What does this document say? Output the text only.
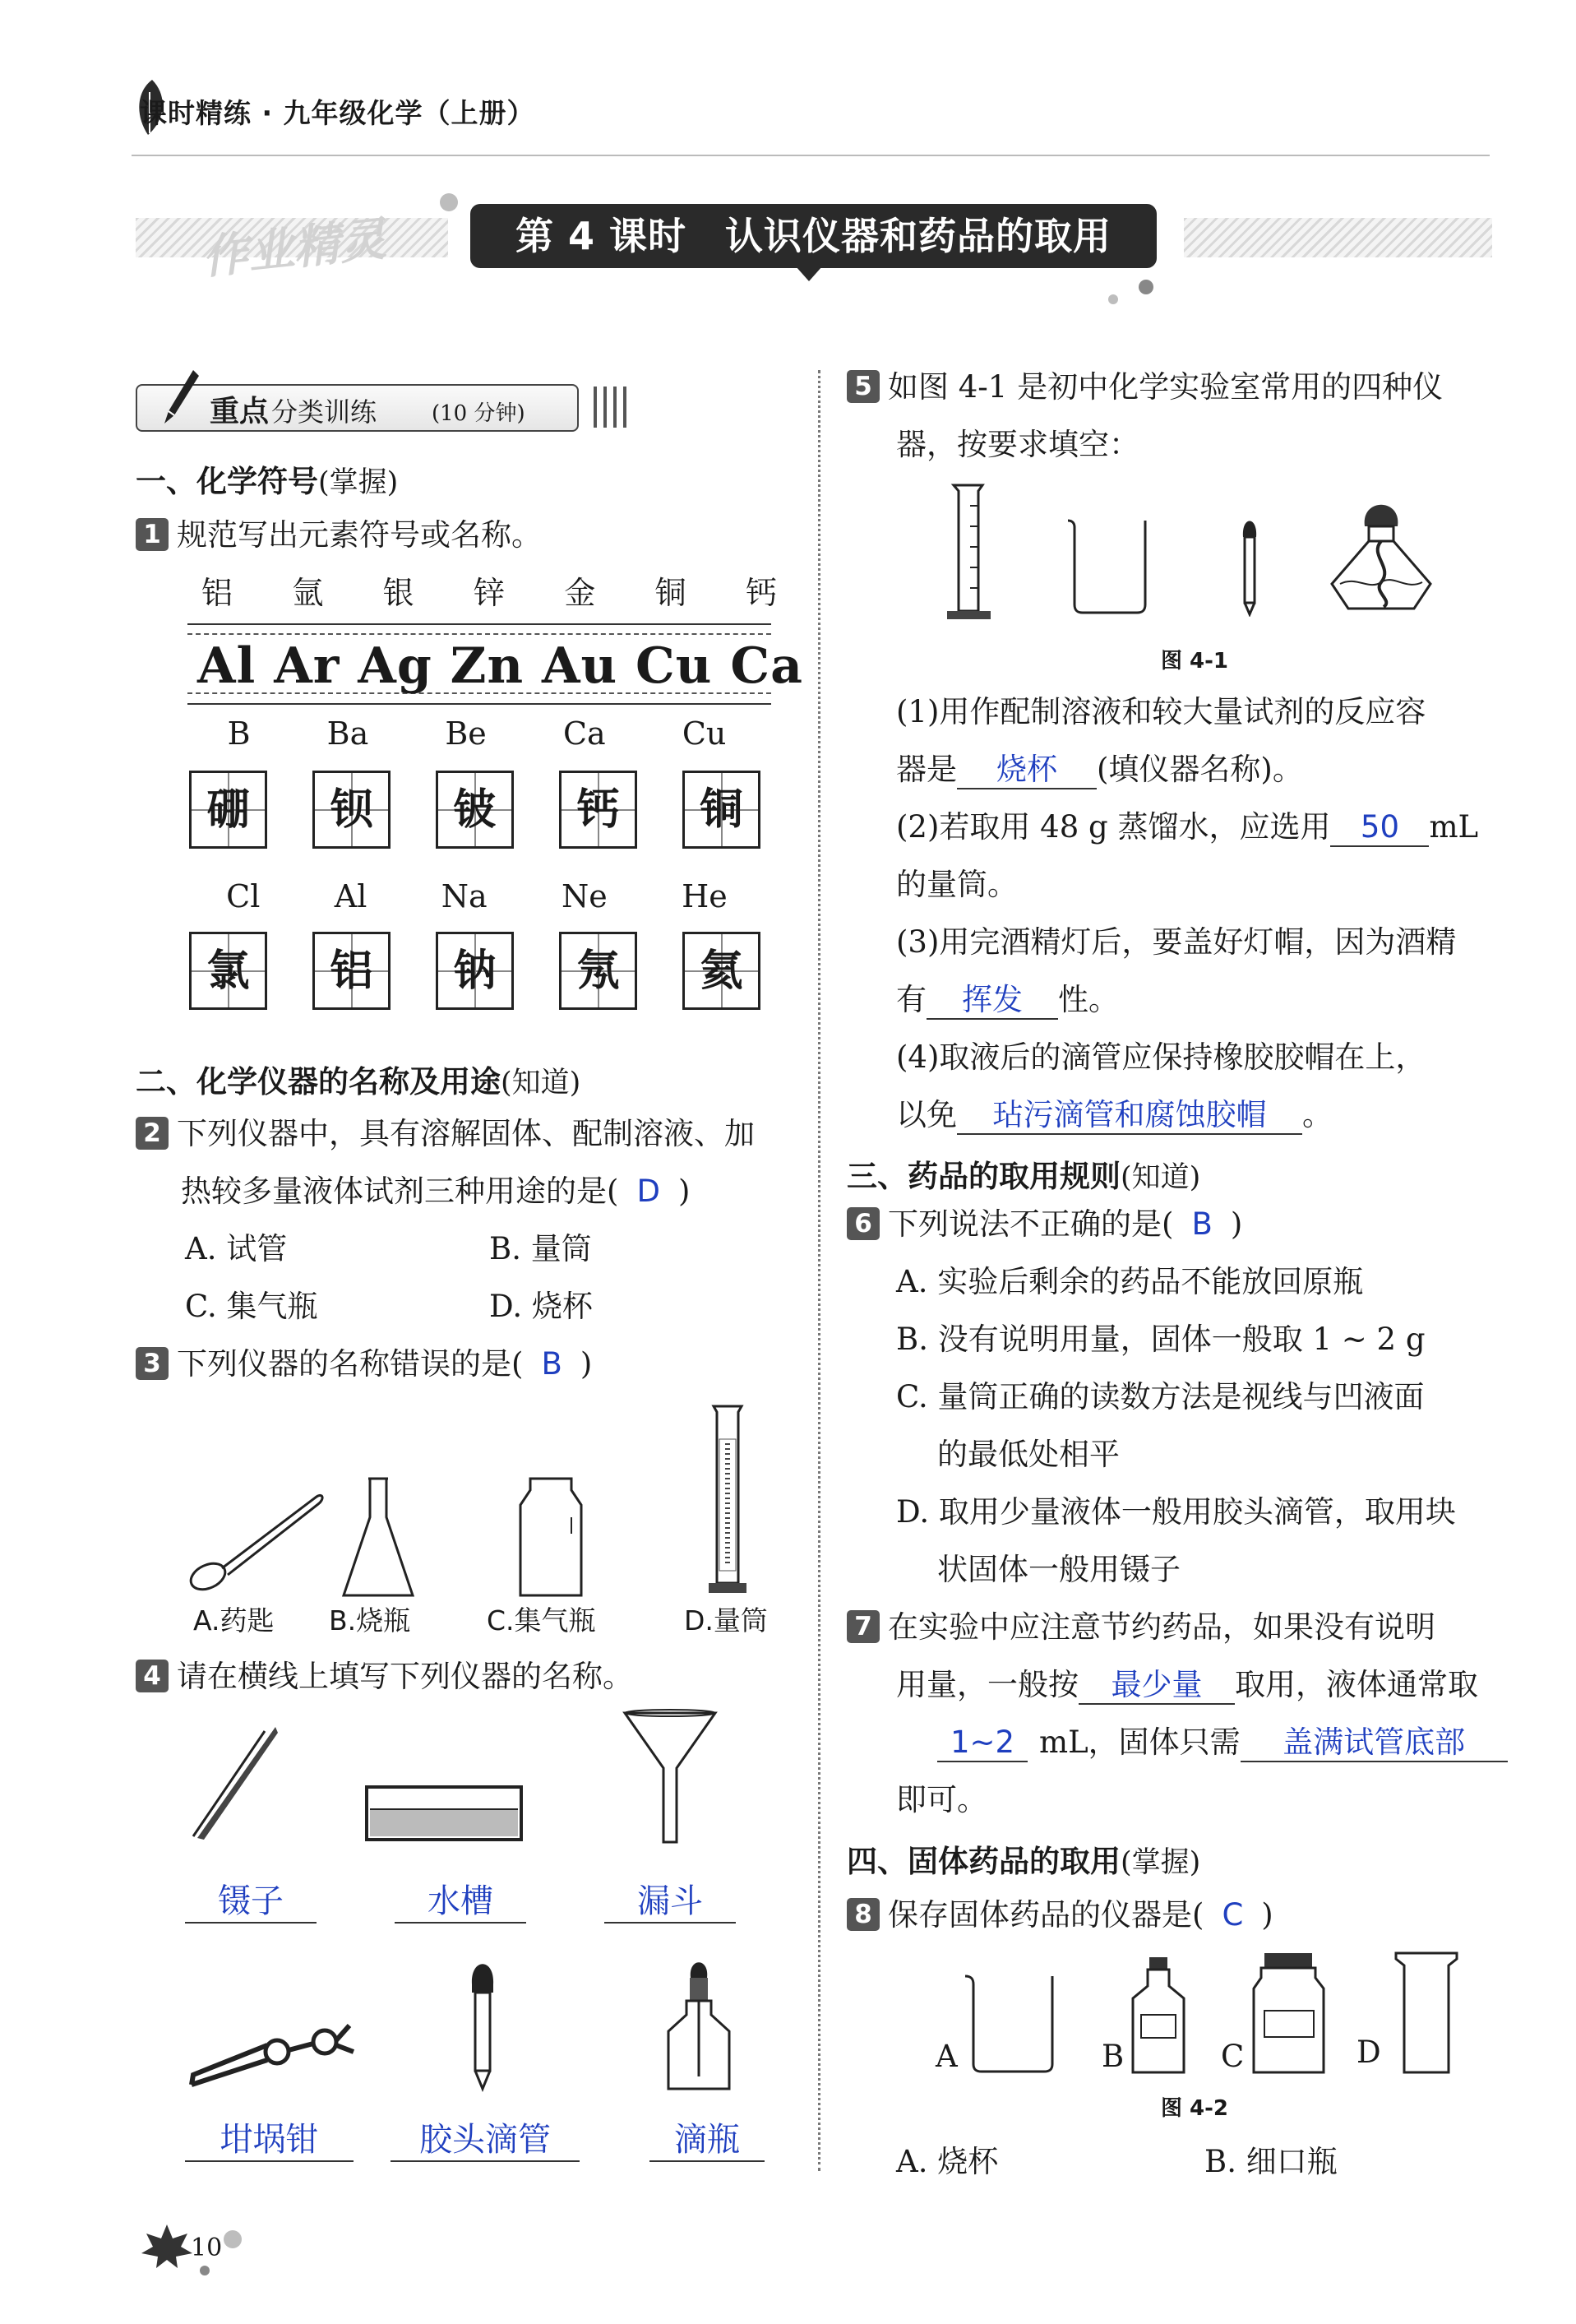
课时精练 · 九年级化学（上册）
作业精灵	第 4 课时　认识仪器和药品的取用
重点 分类训练	(10 分钟)
一、化学符号(掌握)
1 规范写出元素符号或名称。
铝 氩 银 锌 金 铜 钙
Al Ar Ag Zn Au Cu Ca
B Ba Be Ca Cu
硼	钡	铍	钙	铜
Cl Al Na Ne He
氯	铝	钠	氖	氦
二、化学仪器的名称及用途(知道)
2 下列仪器中，具有溶解固体、配制溶液、加
热较多量液体试剂三种用途的是( D )
A. 试管	B. 量筒
C. 集气瓶	D. 烧杯
3 下列仪器的名称错误的是( B )
A.药匙 B.烧瓶	C.集气瓶	D.量筒
4 请在横线上填写下列仪器的名称。
镊子	水槽	漏斗
坩埚钳	胶头滴管	滴瓶
5 如图 4-1 是初中化学实验室常用的四种仪
器，按要求填空：
图 4-1
(1)用作配制溶液和较大量试剂的反应容
器是 烧杯 (填仪器名称)。
(2)若取用 48 g 蒸馏水，应选用 50 mL
的量筒。
(3)用完酒精灯后，要盖好灯帽，因为酒精
有 挥发 性。
(4)取液后的滴管应保持橡胶胶帽在上，
以免 玷污滴管和腐蚀胶帽 。
三、药品的取用规则(知道)
6 下列说法不正确的是( B )
A. 实验后剩余的药品不能放回原瓶
B. 没有说明用量，固体一般取 1 ~ 2 g
C. 量筒正确的读数方法是视线与凹液面
的最低处相平
D. 取用少量液体一般用胶头滴管，取用块
状固体一般用镊子
7 在实验中应注意节约药品，如果没有说明
用量，一般按 最少量 取用，液体通常取
1~2 mL，固体只需 盖满试管底部
即可。
四、固体药品的取用(掌握)
8 保存固体药品的仪器是( C )
A	B	C	D
图 4-2
A. 烧杯	B. 细口瓶
10
